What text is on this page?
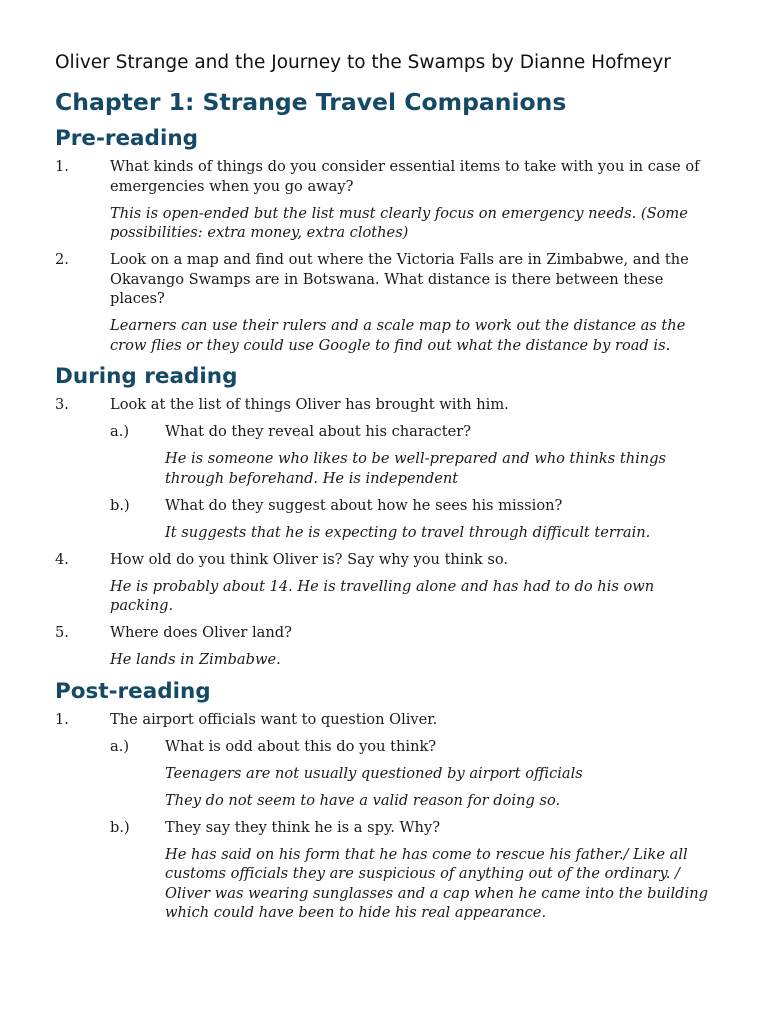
Oliver Strange and the Journey to the Swamps by Dianne Hofmeyr

Chapter 1: Strange Travel Companions
Pre-reading
1.	What kinds of things do you consider essential items to take with you in case of emergencies when you go away?

This is open-ended but the list must clearly focus on emergency needs. (Some possibilities: extra money, extra clothes)

2.	Look on a map and find out where the Victoria Falls are in Zimbabwe, and the Okavango Swamps are in Botswana. What distance is there between these places?

Learners can use their rulers and a scale map to work out the distance as the crow flies or they could use Google to find out what the distance by road is.

During reading
3.	Look at the list of things Oliver has brought with him.
a.)	What do they reveal about his character?

He is someone who likes to be well-prepared and who thinks things through beforehand. He is independent

b.)	What do they suggest about how he sees his mission?

It suggests that he is expecting to travel through difficult terrain.

4.	How old do you think Oliver is? Say why you think so.

He is probably about 14. He is travelling alone and has had to do his own packing.

5.	Where does Oliver land?

He lands in Zimbabwe.

Post-reading
1.	The airport officials want to question Oliver.
a.)	What is odd about this do you think?

Teenagers are not usually questioned by airport officials

They do not seem to have a valid reason for doing so.

b.)	They say they think he is a spy. Why?

He has said on his form that he has come to rescue his father./ Like all customs officials they are suspicious of anything out of the ordinary. / Oliver was wearing sunglasses and a cap when he came into the building which could have been to hide his real appearance.
